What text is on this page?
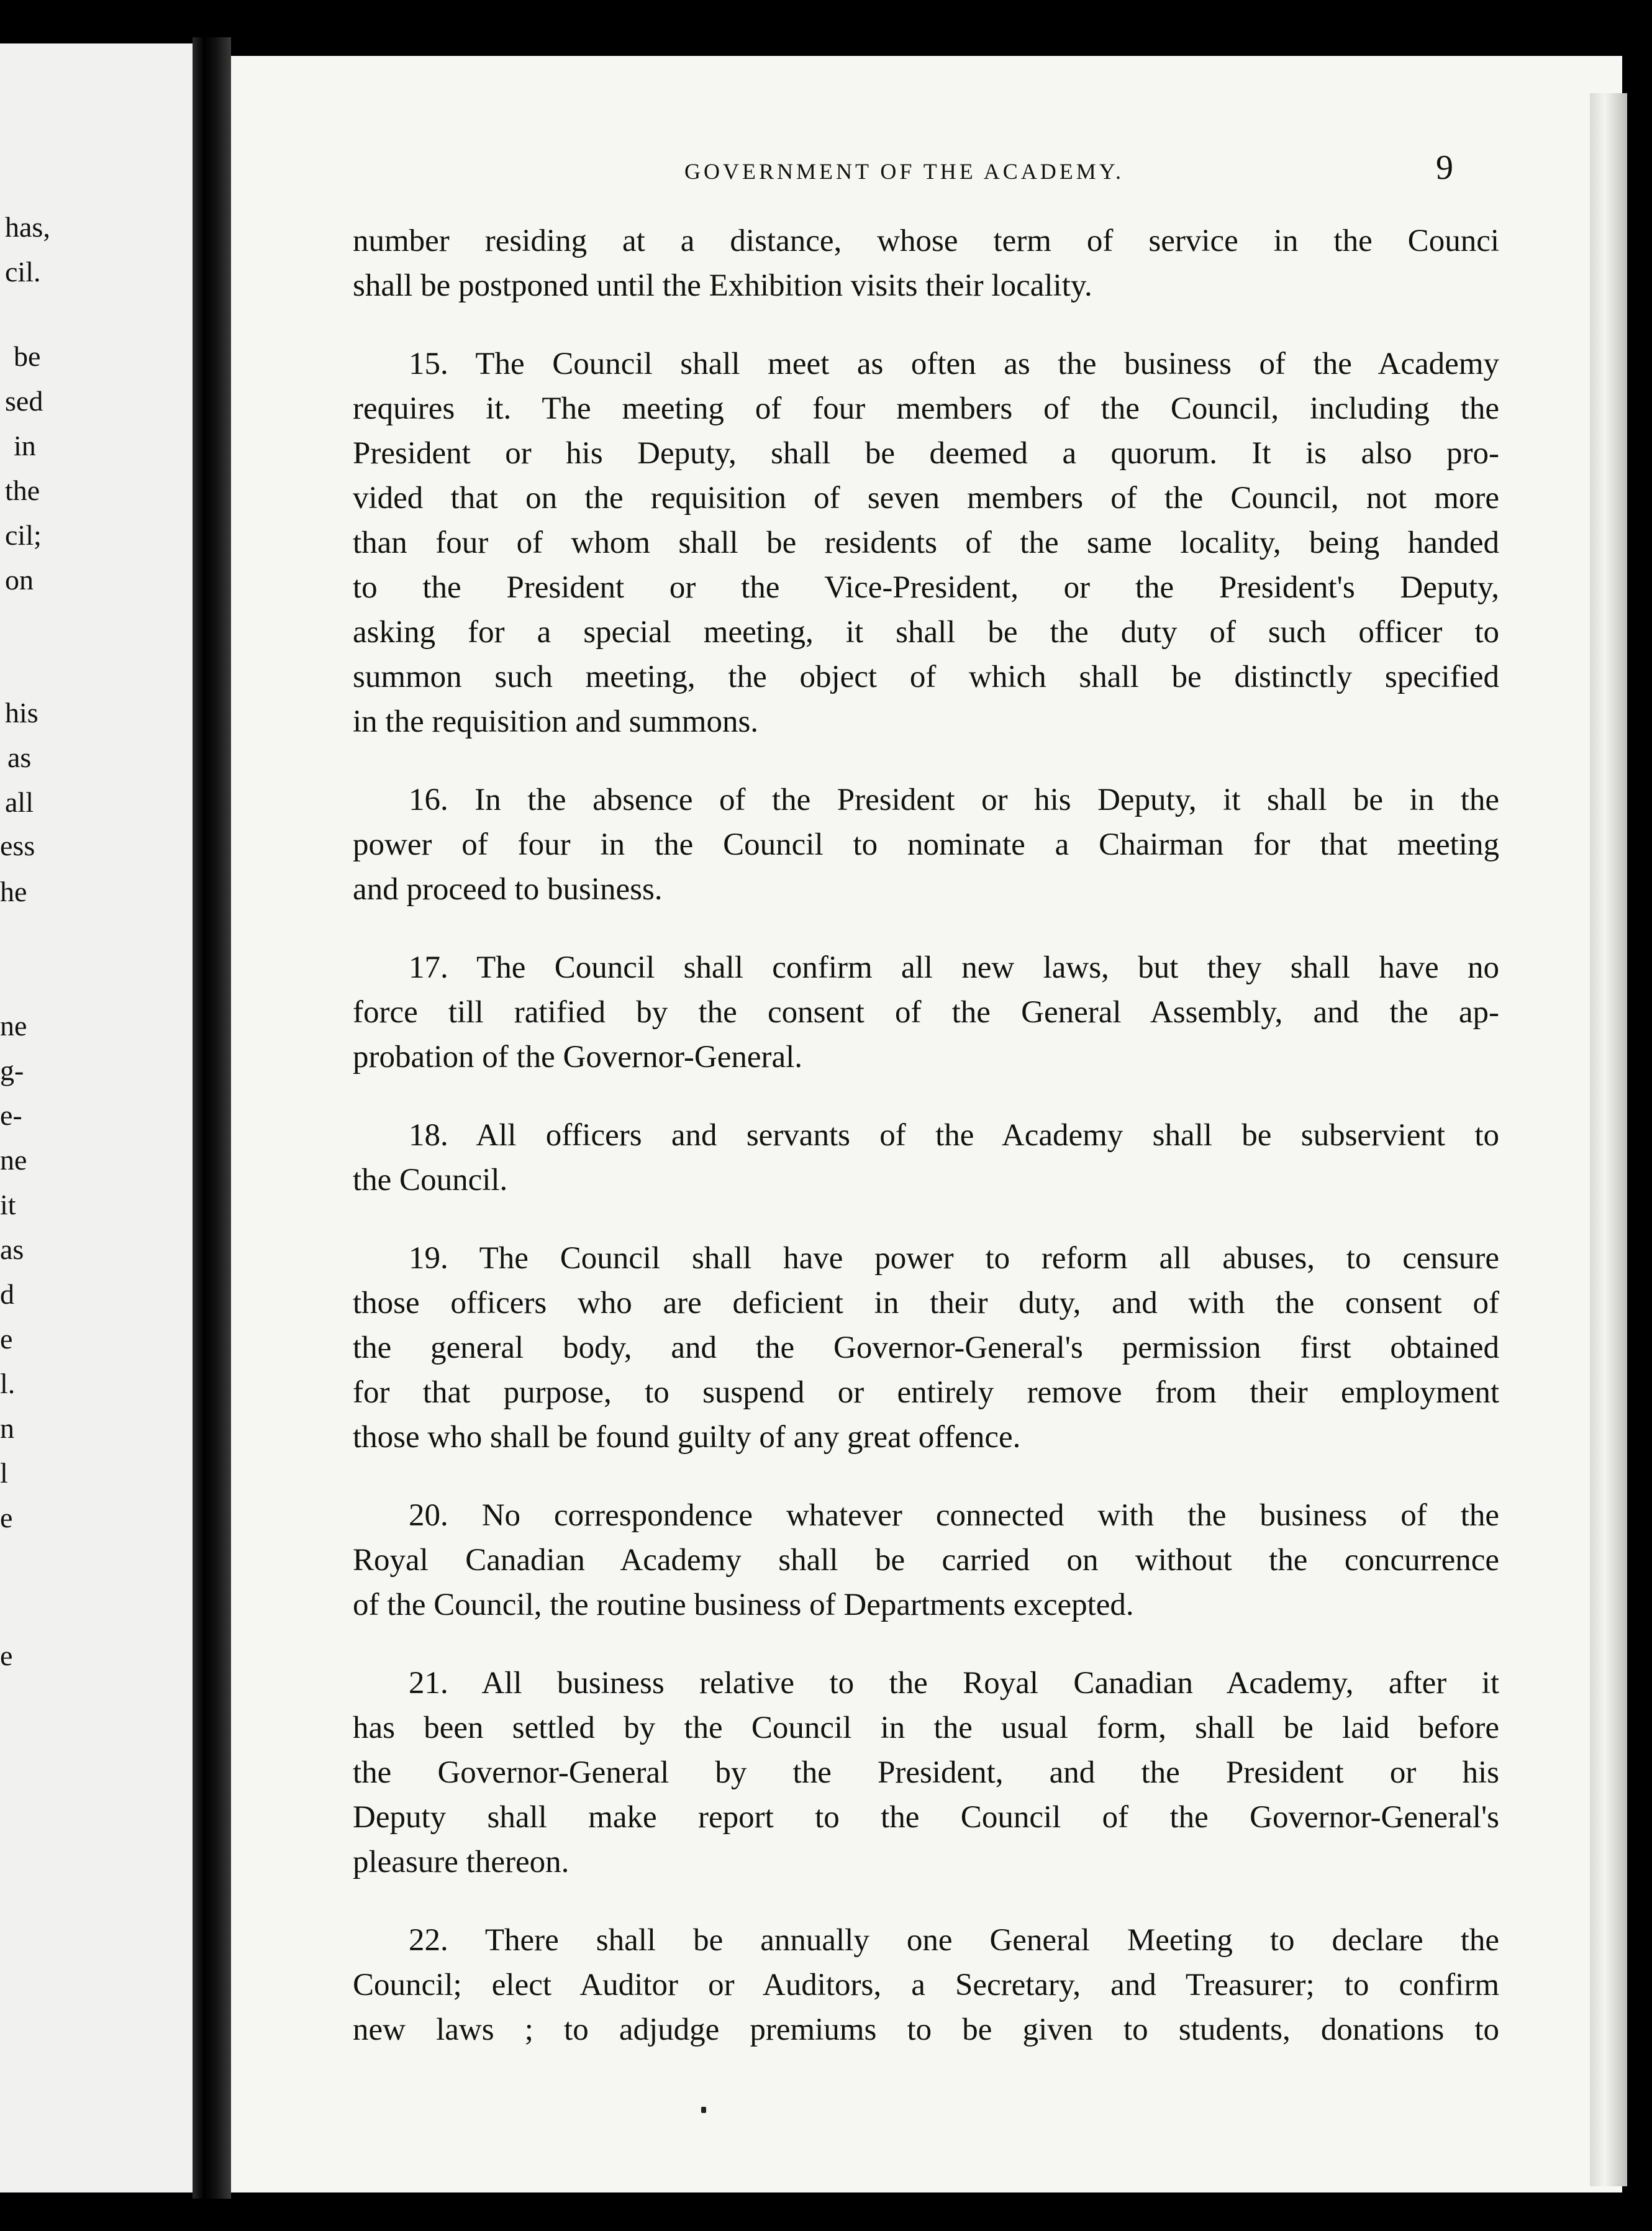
has,
cil.
be
sed
in
the
cil;
on
his
as
all
ess
he
ne
g-
e-
ne
it
as
d
e
l.
n
l
e
e
GOVERNMENT OF THE ACADEMY.	9
number residing at a distance, whose term of service in the Counci
shall be postponed until the Exhibition visits their locality.
15. The Council shall meet as often as the business of the Academy
requires it. The meeting of four members of the Council, including the
President or his Deputy, shall be deemed a quorum. It is also pro-
vided that on the requisition of seven members of the Council, not more
than four of whom shall be residents of the same locality, being handed
to the President or the Vice-President, or the President's Deputy,
asking for a special meeting, it shall be the duty of such officer to
summon such meeting, the object of which shall be distinctly specified
in the requisition and summons.
16. In the absence of the President or his Deputy, it shall be in the
power of four in the Council to nominate a Chairman for that meeting
and proceed to business.
17. The Council shall confirm all new laws, but they shall have no
force till ratified by the consent of the General Assembly, and the ap-
probation of the Governor-General.
18. All officers and servants of the Academy shall be subservient to
the Council.
19. The Council shall have power to reform all abuses, to censure
those officers who are deficient in their duty, and with the consent of
the general body, and the Governor-General's permission first obtained
for that purpose, to suspend or entirely remove from their employment
those who shall be found guilty of any great offence.
20. No correspondence whatever connected with the business of the
Royal Canadian Academy shall be carried on without the concurrence
of the Council, the routine business of Departments excepted.
21. All business relative to the Royal Canadian Academy, after it
has been settled by the Council in the usual form, shall be laid before
the Governor-General by the President, and the President or his
Deputy shall make report to the Council of the Governor-General's
pleasure thereon.
22. There shall be annually one General Meeting to declare the
Council; elect Auditor or Auditors, a Secretary, and Treasurer; to confirm
new laws ; to adjudge premiums to be given to students, donations to
